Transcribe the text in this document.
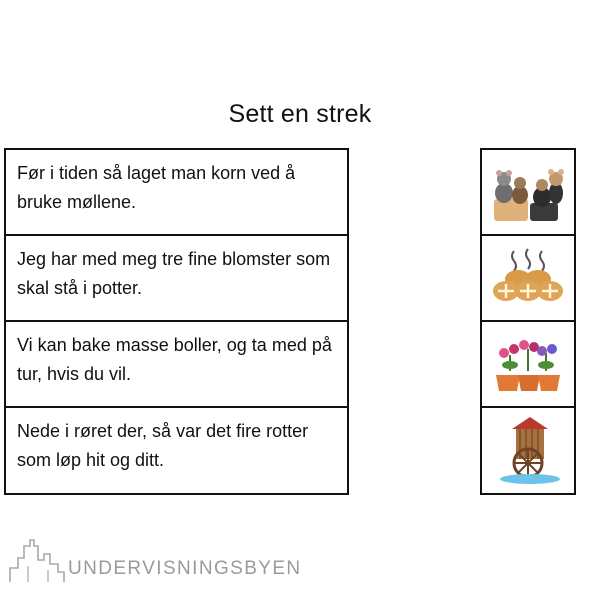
Sett en strek
Før i tiden så laget man korn ved å bruke møllene.
Jeg har med meg tre fine blomster som skal stå i potter.
Vi kan bake masse boller, og ta med på tur, hvis du vil.
Nede i røret der, så var det fire rotter som løp hit og ditt.
UNDERVISNINGSBYEN
